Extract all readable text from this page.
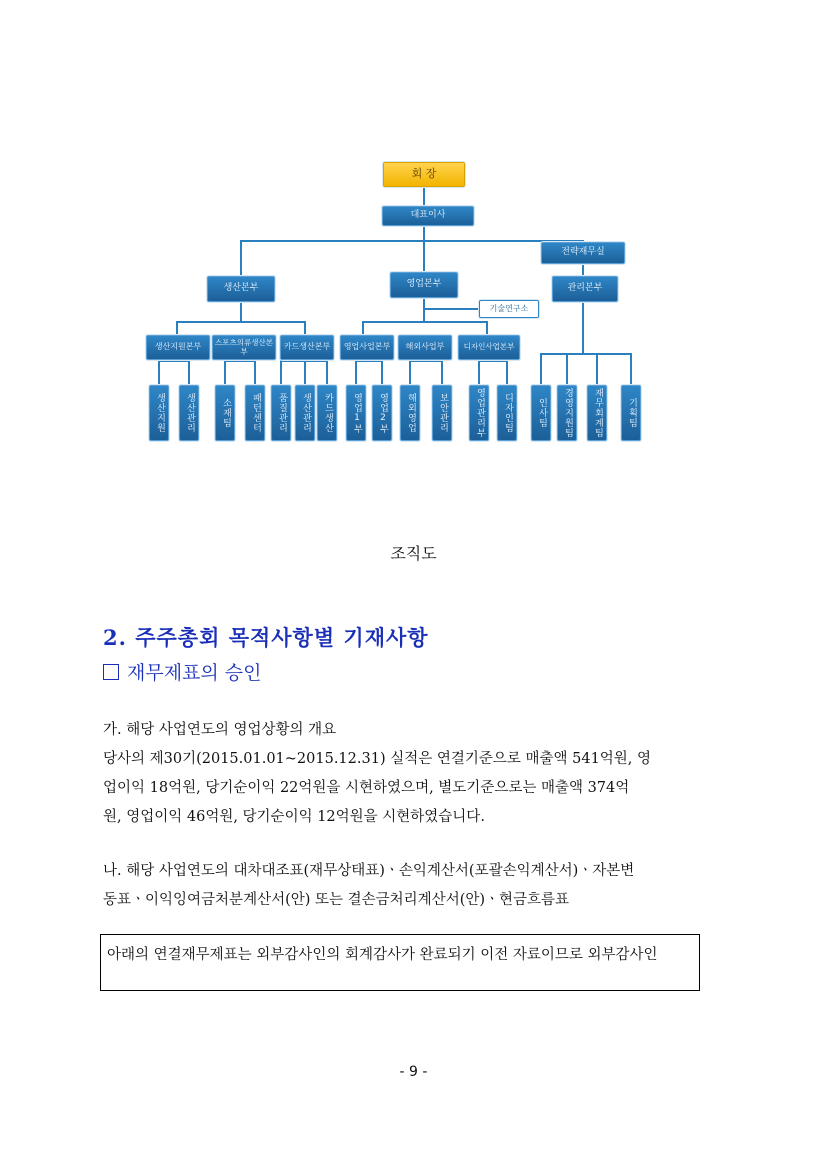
회 장
대표이사
전략재무실
생산본부	영업본부	관리본부
기술연구소
생산지원본부	스포츠의류생산본부	카드생산본부	영업사업본부	해외사업부	디자인사업본부
생산지원	생산관리	소재팀	패턴센터	품질관리	생산관리	카드생산	영업1부	영업2부	해외영업	보안관리	영업관리부	디자인팀	인사팀	경영지원팀	재무회계팀	기획팀
조직도
2. 주주총회 목적사항별 기재사항
재무제표의 승인
가. 해당 사업연도의 영업상황의 개요
당사의 제30기(2015.01.01~2015.12.31) 실적은 연결기준으로 매출액 541억원, 영
업이익 18억원, 당기순이익 22억원을 시현하였으며, 별도기준으로는 매출액 374억
원, 영업이익 46억원, 당기순이익 12억원을 시현하였습니다.
나. 해당 사업연도의 대차대조표(재무상태표)ㆍ손익계산서(포괄손익계산서)ㆍ자본변
동표ㆍ이익잉여금처분계산서(안) 또는 결손금처리계산서(안)ㆍ현금흐름표
아래의 연결재무제표는 외부감사인의 회계감사가 완료되기 이전 자료이므로 외부감사인
- 9 -
